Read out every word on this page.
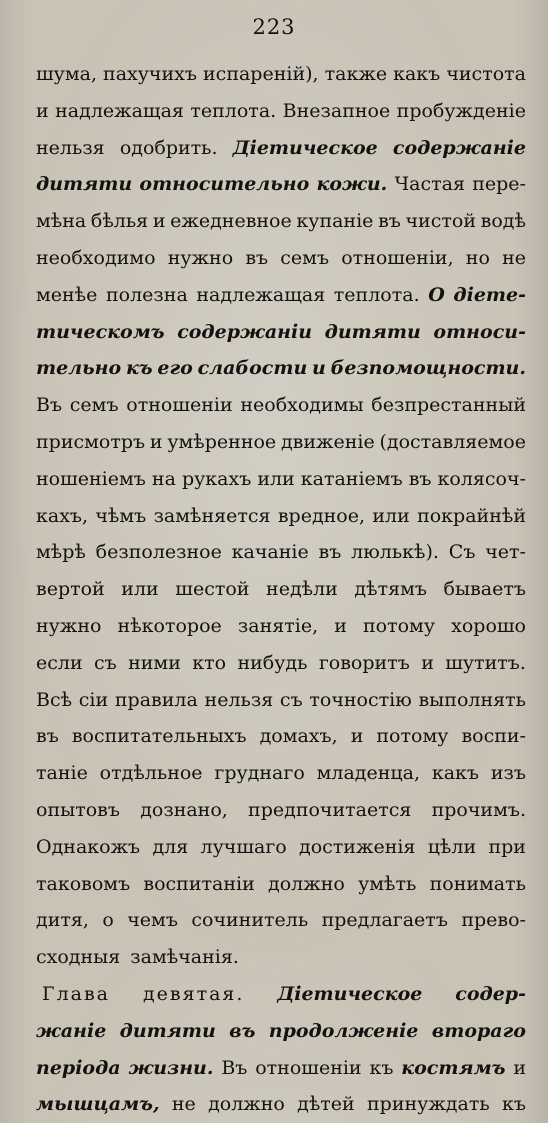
223
шума, пахучихъ испареній), также какъ чистота
и надлежащая теплота. Внезапное пробужденіе
нельзя одобрить. Діетическое содержаніе
дитяти относительно кожи. Частая пере-
мѣна бѣлья и ежедневное купаніе въ чистой водѣ
необходимо нужно въ семъ отношеніи, но не
менѣе полезна надлежащая теплота. О діете-
тическомъ содержаніи дитяти относи-
тельно къ его слабости и безпомощности.
Въ семъ отношеніи необходимы безпрестанный
присмотръ и умѣренное движеніе (доставляемое
ношеніемъ на рукахъ или катаніемъ въ колясоч-
кахъ, чѣмъ замѣняется вредное, или покрайнѣй
мѣрѣ безполезное качаніе въ люлькѣ). Съ чет-
вертой или шестой недѣли дѣтямъ бываетъ
нужно нѣкоторое занятіе, и потому хорошо
если съ ними кто нибудь говоритъ и шутитъ.
Всѣ сіи правила нельзя съ точностію выполнять
въ воспитательныхъ домахъ, и потому воспи-
таніе отдѣльное груднаго младенца, какъ изъ
опытовъ дознано, предпочитается прочимъ.
Однакожъ для лучшаго достиженія цѣли при
таковомъ воспитаніи должно умѣть понимать
дитя, о чемъ сочинитель предлагаетъ прево-
сходныя замѣчанія.
Глава девятая. Діетическое содер-
жаніе дитяти въ продолженіе втораго
періода жизни. Въ отношеніи къ костямъ и
мышцамъ, не должно дѣтей принуждать къ
